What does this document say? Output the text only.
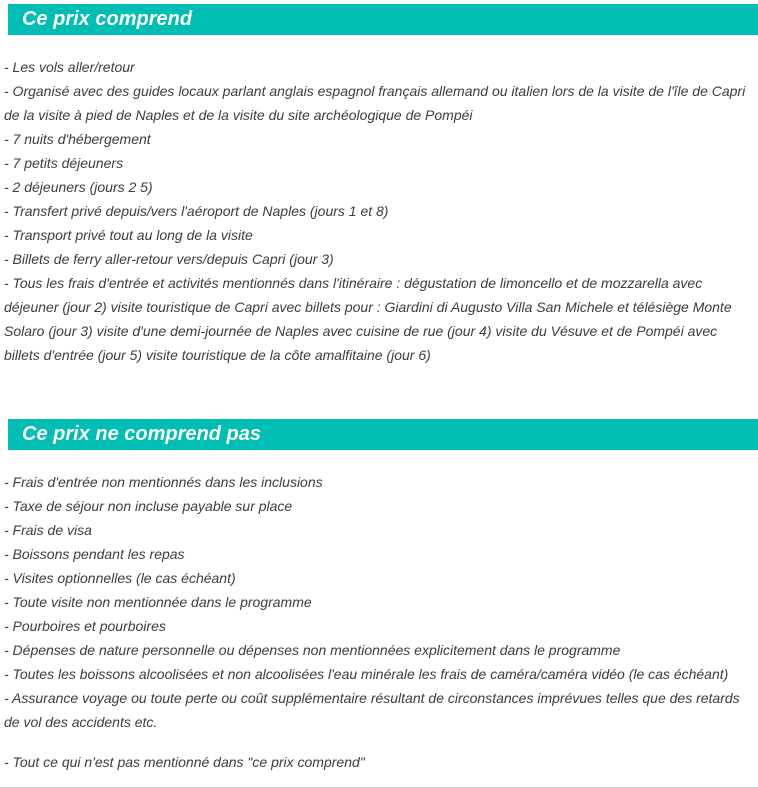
Ce prix comprend

- Les vols aller/retour

- Organisé avec des guides locaux parlant anglais espagnol français allemand ou italien lors de la visite de l'île de Capri de la visite à pied de Naples et de la visite du site archéologique de Pompéi

- 7 nuits d'hébergement

- 7 petits déjeuners

- 2 déjeuners (jours 2 5)

- Transfert privé depuis/vers l'aéroport de Naples (jours 1 et 8)

- Transport privé tout au long de la visite

- Billets de ferry aller-retour vers/depuis Capri (jour 3)

- Tous les frais d'entrée et activités mentionnés dans l'itinéraire : dégustation de limoncello et de mozzarella avec déjeuner (jour 2) visite touristique de Capri avec billets pour : Giardini di Augusto Villa San Michele et télésiège Monte Solaro (jour 3) visite d'une demi-journée de Naples avec cuisine de rue (jour 4) visite du Vésuve et de Pompéi avec billets d'entrée (jour 5) visite touristique de la côte amalfitaine (jour 6)

Ce prix ne comprend pas

- Frais d'entrée non mentionnés dans les inclusions

- Taxe de séjour non incluse payable sur place

- Frais de visa

- Boissons pendant les repas

- Visites optionnelles (le cas échéant)

- Toute visite non mentionnée dans le programme

- Pourboires et pourboires

- Dépenses de nature personnelle ou dépenses non mentionnées explicitement dans le programme

- Toutes les boissons alcoolisées et non alcoolisées l'eau minérale les frais de caméra/caméra vidéo (le cas échéant)

- Assurance voyage ou toute perte ou coût supplémentaire résultant de circonstances imprévues telles que des retards de vol des accidents etc.

- Tout ce qui n'est pas mentionné dans "ce prix comprend"
